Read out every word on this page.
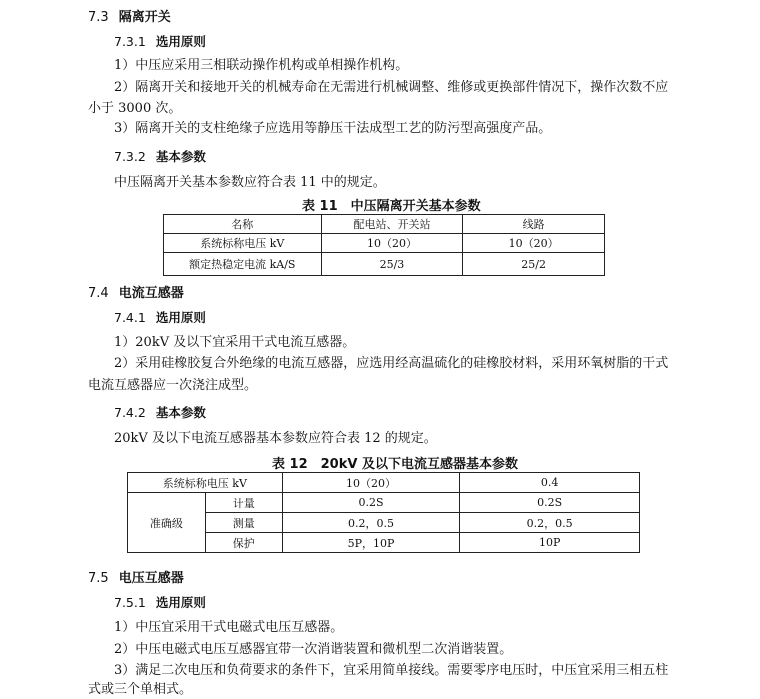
7.3 隔离开关
7.3.1 选用原则
1）中压应采用三相联动操作机构或单相操作机构。
2）隔离开关和接地开关的机械寿命在无需进行机械调整、维修或更换部件情况下，操作次数不应
小于 3000 次。
3）隔离开关的支柱绝缘子应选用等静压干法成型工艺的防污型高强度产品。
7.3.2 基本参数
中压隔离开关基本参数应符合表 11 中的规定。
表 11　中压隔离开关基本参数
名称	配电站、开关站	线路
系统标称电压 kV	10（20）	10（20）
额定热稳定电流 kA/S	25/3	25/2
7.4 电流互感器
7.4.1 选用原则
1）20kV 及以下宜采用干式电流互感器。
2）采用硅橡胶复合外绝缘的电流互感器，应选用经高温硫化的硅橡胶材料，采用环氧树脂的干式
电流互感器应一次浇注成型。
7.4.2 基本参数
20kV 及以下电流互感器基本参数应符合表 12 的规定。
表 12　20kV 及以下电流互感器基本参数
系统标称电压 kV		10（20）	0.4
准确级	计量	0.2S	0.2S
	测量	0.2，0.5	0.2，0.5
	保护	5P，10P	10P
7.5 电压互感器
7.5.1 选用原则
1）中压宜采用干式电磁式电压互感器。
2）中压电磁式电压互感器宜带一次消谐装置和微机型二次消谐装置。
3）满足二次电压和负荷要求的条件下，宜采用简单接线。需要零序电压时，中压宜采用三相五柱
式或三个单相式。
